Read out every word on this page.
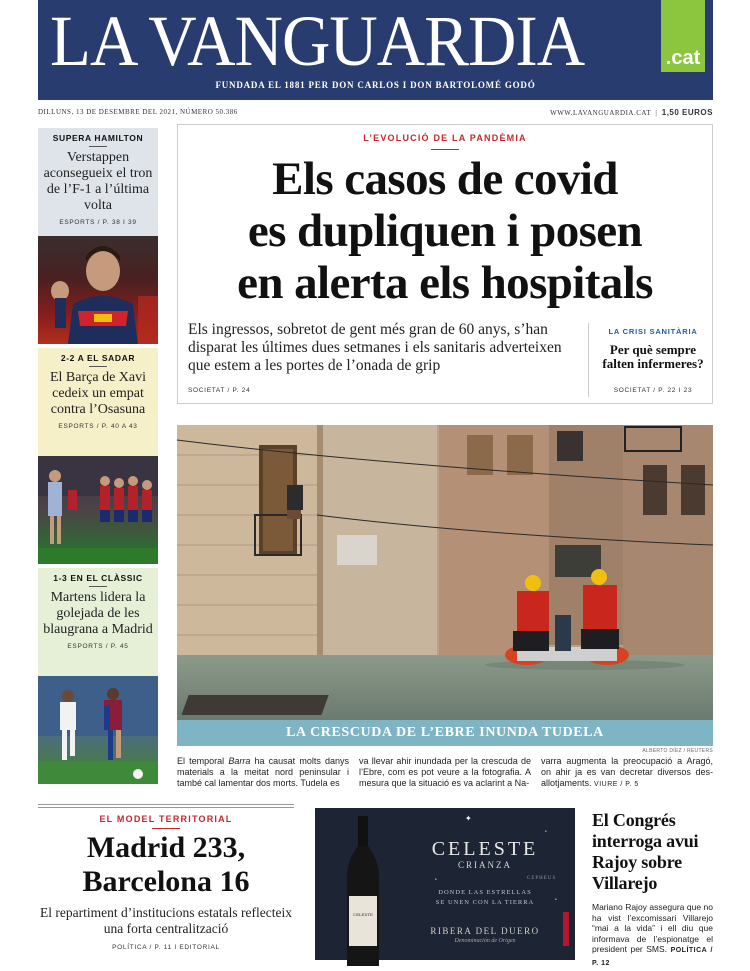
LA VANGUARDIA	.cat
FUNDADA EL 1881 PER DON CARLOS I DON BARTOLOMÉ GODÓ
DILLUNS, 13 DE DESEMBRE DEL 2021, NÚMERO 50.386	WWW.LAVANGUARDIA.CAT  |  1,50 EUROS
SUPERA HAMILTON
Verstappen aconsegueix el tron de l’F-1 a l’última volta
ESPORTS / P. 38 I 39
2-2 A EL SADAR
El Barça de Xavi cedeix un empat contra l’Osasuna
ESPORTS / P. 40 A 43
1-3 EN EL CLÀSSIC
Martens lidera la golejada de les blaugrana a Madrid
ESPORTS / P. 45
L’EVOLUCIÓ DE LA PANDÈMIA
Els casos de covid
es dupliquen i posen
en alerta els hospitals
Els ingressos, sobretot de gent més gran de 60 anys, s’han disparat les últimes dues setmanes i els sanitaris adverteixen que estem a les portes de l’onada de grip
SOCIETAT / P. 24
LA CRISI SANITÀRIA
Per què sempre falten infermeres?
SOCIETAT / P. 22 I 23
LA CRESCUDA DE L’EBRE INUNDA TUDELA
ALBERTO DÍEZ / REUTERS
El temporal Barra ha causat molts danys materials a la meitat nord peninsular i també cal lamentar dos morts. Tudela es
va llevar ahir inundada per la crescuda de l’Ebre, com es pot veure a la fotografia. A mesura que la situació es va aclarint a Na-
varra augmenta la preocupació a Aragó, on ahir ja es van decretar diversos des-allotjaments. VIURE / P. 5
EL MODEL TERRITORIAL
Madrid 233,
Barcelona 16
El repartiment d’institucions estatals reflecteix una forta centralització
POLÍTICA / P. 11 I EDITORIAL
✦
•
•
•
CELESTE
CELESTE
CRIANZA
DONDE LAS ESTRELLAS
SE UNEN CON LA TIERRA
CEPHEUS
RIBERA DEL DUERO
Denominación de Origen
El Congrés interroga avui Rajoy sobre Villarejo
Mariano Rajoy assegura que no ha vist l’excomissari Villarejo “mai a la vida” i ell diu que informava de l’espionatge el president per SMS. POLÍTICA / P. 12
